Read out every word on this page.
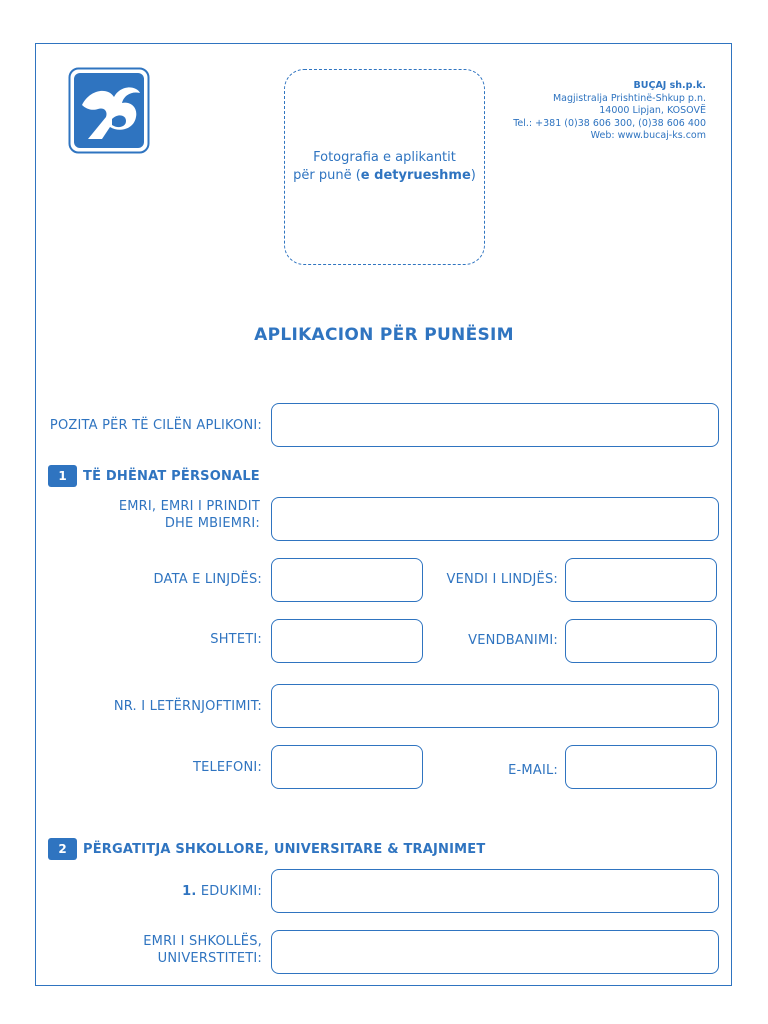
Fotografia e aplikantit
për punë (e detyrueshme)
BUÇAJ sh.p.k.
Magjistralja Prishtinë-Shkup p.n.
14000 Lipjan, KOSOVË
Tel.: +381 (0)38 606 300, (0)38 606 400
Web: www.bucaj-ks.com
APLIKACION PËR PUNËSIM
POZITA PËR TË CILËN APLIKONI:
1	TË DHËNAT PËRSONALE
EMRI, EMRI I PRINDIT
DHE MBIEMRI:
DATA E LINJDËS:	VENDI I LINDJËS:
SHTETI:	VENDBANIMI:
NR. I LETËRNJOFTIMIT:
TELEFONI:	E-MAIL:
2	PËRGATITJA SHKOLLORE, UNIVERSITARE & TRAJNIMET
1. EDUKIMI:
EMRI I SHKOLLËS,
UNIVERSTITETI:
